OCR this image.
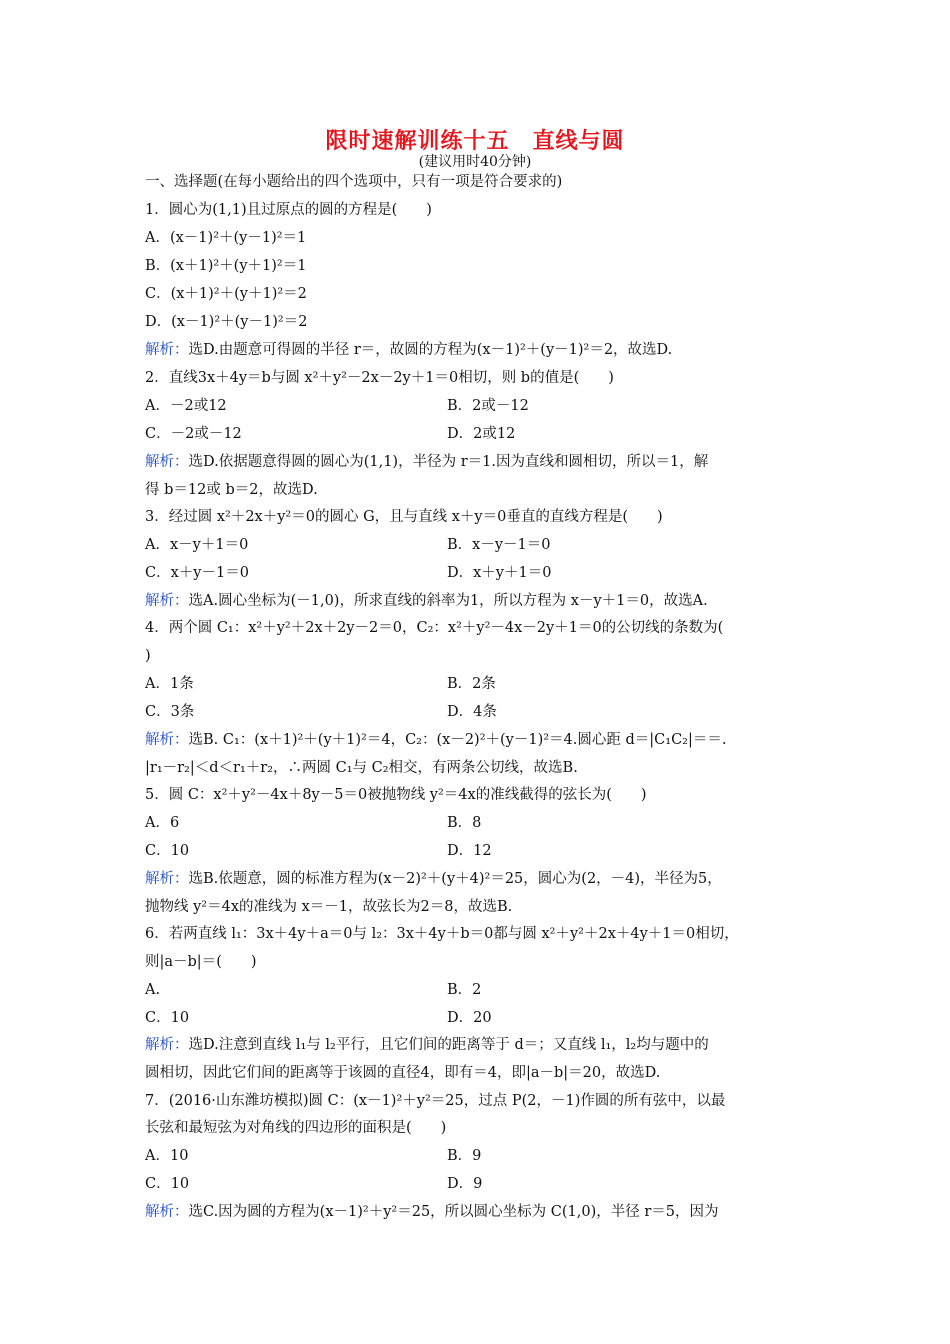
限时速解训练十五　直线与圆
(建议用时40分钟)
一、选择题(在每小题给出的四个选项中，只有一项是符合要求的)
1．圆心为(1,1)且过原点的圆的方程是(　　)
A．(x－1)²＋(y－1)²＝1
B．(x＋1)²＋(y＋1)²＝1
C．(x＋1)²＋(y＋1)²＝2
D．(x－1)²＋(y－1)²＝2
解析：选D.由题意可得圆的半径 r＝，故圆的方程为(x－1)²＋(y－1)²＝2，故选D.
2．直线3x＋4y＝b与圆 x²＋y²－2x－2y＋1＝0相切，则 b的值是(　　)
A．－2或12	B．2或－12
C．－2或－12	D．2或12
解析：选D.依据题意得圆的圆心为(1,1)，半径为 r＝1.因为直线和圆相切，所以＝1，解
得 b＝12或 b＝2，故选D.
3．经过圆 x²＋2x＋y²＝0的圆心 G，且与直线 x＋y＝0垂直的直线方程是(　　)
A．x－y＋1＝0	B．x－y－1＝0
C．x＋y－1＝0	D．x＋y＋1＝0
解析：选A.圆心坐标为(－1,0)，所求直线的斜率为1，所以方程为 x－y＋1＝0，故选A.
4．两个圆 C₁：x²＋y²＋2x＋2y－2＝0，C₂：x²＋y²－4x－2y＋1＝0的公切线的条数为(
)
A．1条	B．2条
C．3条	D．4条
解析：选B. C₁：(x＋1)²＋(y＋1)²＝4，C₂：(x－2)²＋(y－1)²＝4.圆心距 d＝|C₁C₂|＝＝.
|r₁－r₂|＜d＜r₁＋r₂，∴两圆 C₁与 C₂相交，有两条公切线，故选B.
5．圆 C：x²＋y²－4x＋8y－5＝0被抛物线 y²＝4x的准线截得的弦长为(　　)
A．6	B．8
C．10	D．12
解析：选B.依题意，圆的标准方程为(x－2)²＋(y＋4)²＝25，圆心为(2，－4)，半径为5，
抛物线 y²＝4x的准线为 x＝－1，故弦长为2＝8，故选B.
6．若两直线 l₁：3x＋4y＋a＝0与 l₂：3x＋4y＋b＝0都与圆 x²＋y²＋2x＋4y＋1＝0相切，
则|a－b|＝(　　)
A.	B．2
C．10	D．20
解析：选D.注意到直线 l₁与 l₂平行，且它们间的距离等于 d＝；又直线 l₁，l₂均与题中的
圆相切，因此它们间的距离等于该圆的直径4，即有＝4，即|a－b|＝20，故选D.
7．(2016·山东潍坊模拟)圆 C：(x－1)²＋y²＝25，过点 P(2，－1)作圆的所有弦中，以最
长弦和最短弦为对角线的四边形的面积是(　　)
A．10	B．9
C．10	D．9
解析：选C.因为圆的方程为(x－1)²＋y²＝25，所以圆心坐标为 C(1,0)，半径 r＝5，因为
